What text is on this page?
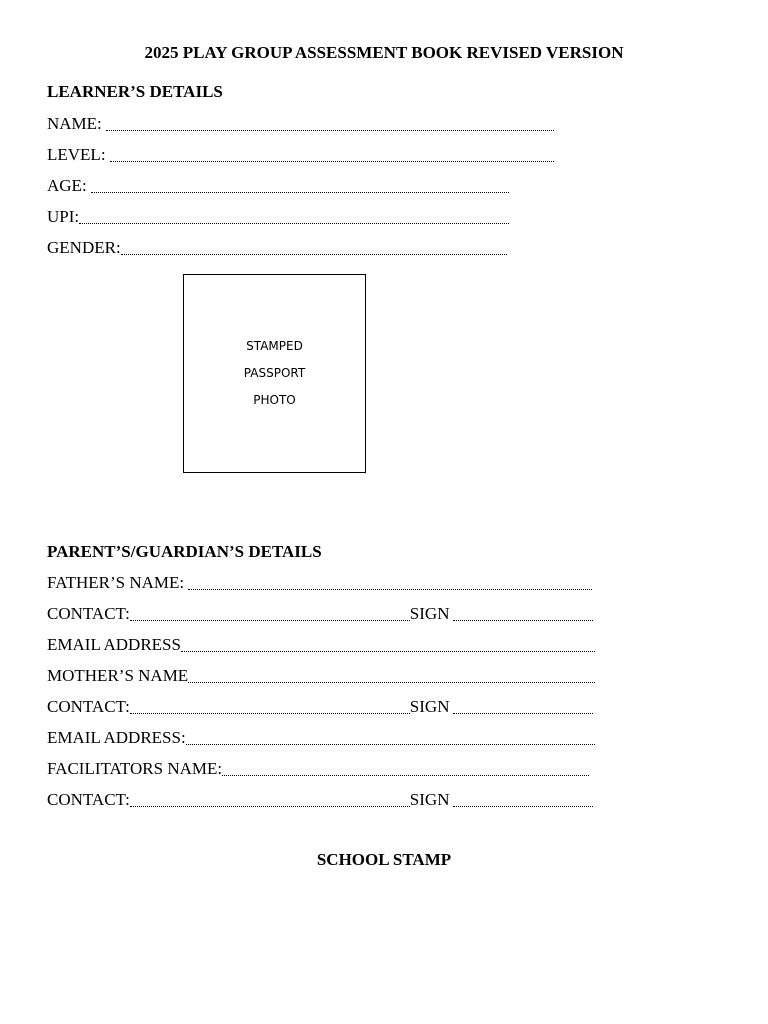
2025 PLAY GROUP ASSESSMENT BOOK REVISED VERSION
LEARNER’S DETAILS
NAME:
LEVEL:
AGE:
UPI:
GENDER:
STAMPED
PASSPORT
PHOTO
PARENT’S/GUARDIAN’S DETAILS
FATHER’S NAME:
CONTACT:	SIGN
EMAIL ADDRESS
MOTHER’S NAME
CONTACT:	SIGN
EMAIL ADDRESS:
FACILITATORS NAME:
CONTACT:	SIGN
SCHOOL STAMP
